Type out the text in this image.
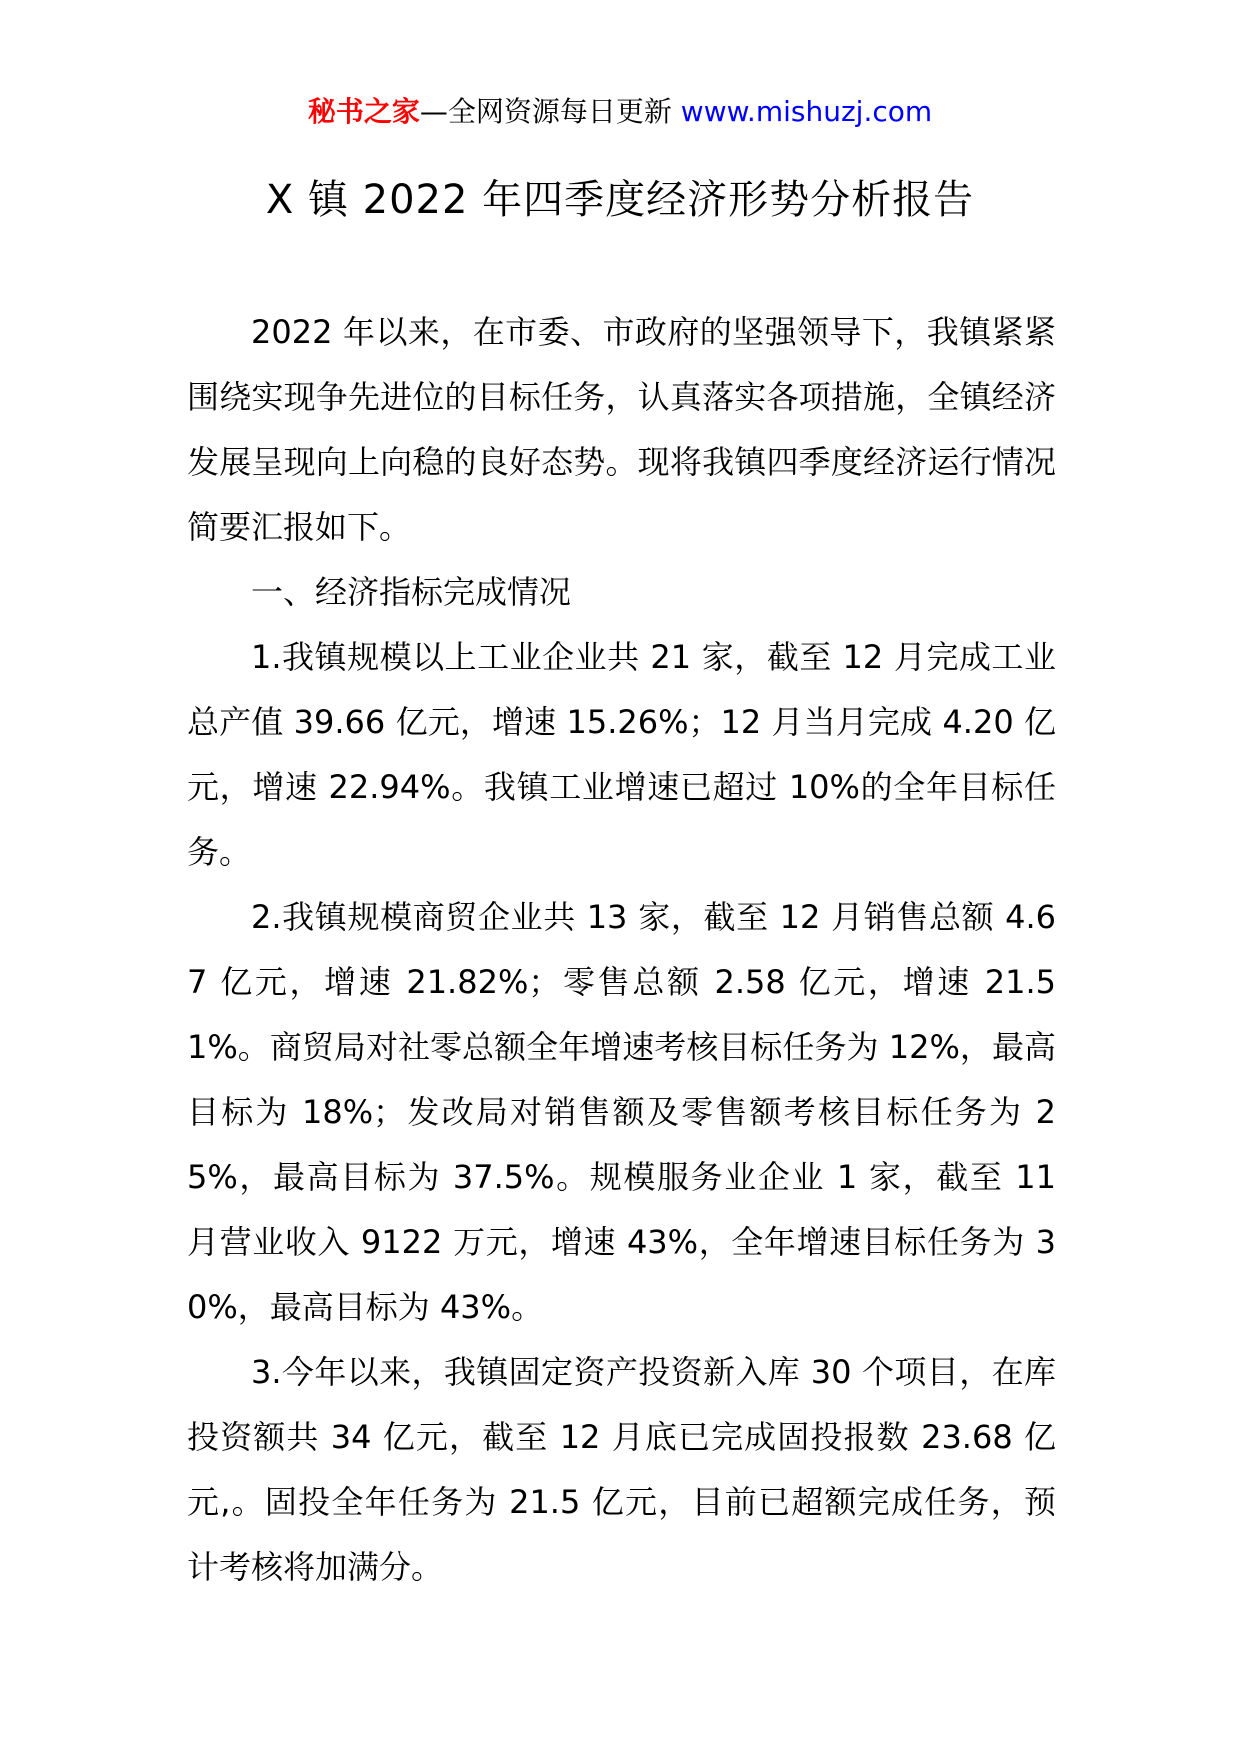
秘书之家—全网资源每日更新 www.mishuzj.com
X 镇 2022 年四季度经济形势分析报告

2022 年以来，在市委、市政府的坚强领导下，我镇紧紧围绕实现争先进位的目标任务，认真落实各项措施，全镇经济发展呈现向上向稳的良好态势。现将我镇四季度经济运行情况简要汇报如下。

一、经济指标完成情况

1.我镇规模以上工业企业共 21 家，截至 12 月完成工业总产值 39.66 亿元，增速 15.26%；12 月当月完成 4.20 亿元，增速 22.94%。我镇工业增速已超过 10%的全年目标任务。

2.我镇规模商贸企业共 13 家，截至 12 月销售总额 4.67 亿元，增速 21.82%；零售总额 2.58 亿元，增速 21.51%。商贸局对社零总额全年增速考核目标任务为 12%，最高目标为 18%；发改局对销售额及零售额考核目标任务为 25%，最高目标为 37.5%。规模服务业企业 1 家，截至 11 月营业收入 9122 万元，增速 43%，全年增速目标任务为 30%，最高目标为 43%。

3.今年以来，我镇固定资产投资新入库 30 个项目，在库投资额共 34 亿元，截至 12 月底已完成固投报数 23.68 亿元,。固投全年任务为 21.5 亿元，目前已超额完成任务，预计考核将加满分。
